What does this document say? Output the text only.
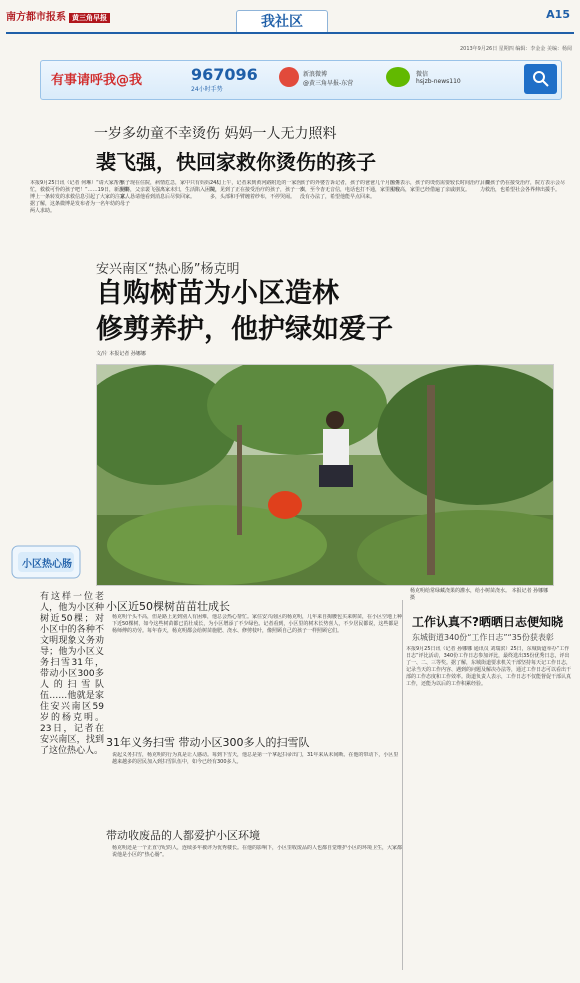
南方都市报系 黄三角早报	我社区	A15
2013年9月26日 星期四 编辑：李金金 美编：杨阅
有事请呼我@我	967096
24小时手势
新浪微博
@黄三角早报-东营
微信
hsjzb-news110
一岁多幼童不幸烫伤 妈妈一人无力照料
裴飞强，快回家救你烫伤的孩子
本报9月25日讯（记者 何琳）“请大家帮帮忙，救救可怜的孩子吧！”……19日，新浪微博上一条转发的求救信息引起了大家的注意。据了解，这条微博是发布者为一名年幼的母子两人求助。
孩子现在住院，病情危急，家中只有妈妈一人照料，父亲裴飞强离家未归，生活陷入困境，家人恳请他看到消息后尽快回家。
24日上午，记者来到黄河路附近的一家医院，见到了正在接受治疗的孩子，孩子一岁多，头部和手臂缠着纱布，不停哭闹。
孩子的外婆告诉记者，孩子的爸爸几个月前外出，至今杳无音信，电话也打不通，家里实在没有办法了，希望他能早点回来。
医生表示，孩子的烫伤需要较长时间治疗，费用较高，家里已经借遍了亲戚朋友。
目前孩子仍在接受治疗，院方表示会尽力救治，也希望社会各界伸出援手。
安兴南区“热心肠”杨克明
自购树苗为小区造林
修剪养护，他护绿如爱子
文/片 本报记者 孙娜娜
杨克明给常绿藏浇果的灌水，给小树苗浇水。 本报记者 孙娜娜 摄
小区热心肠
有这样一位老人，他为小区种树近50棵；对小区中的各种不文明现象义务劝导；他为小区义务扫雪31年，带动小区300多人的扫雪队伍……他就是家住安兴南区59岁的杨克明。23日，记者在安兴南区，找到了这位热心人。
小区近50棵树苗苗壮成长
杨克明个头不高，但是路上见到别人有困难，他总会热心帮忙。家住安兴南区的杨克明，几年来自掏腰包买来树苗，在小区空地上种下近50棵树，如今这些树苗都已茁壮成长，为小区增添了不少绿色。记者看到，小区里的树木长势喜人，不少居民都说，这些都是杨师傅的功劳。每年春天，杨克明都会给树苗施肥、浇水、修剪枝叶，像照顾自己的孩子一样照顾它们。
31年义务扫雪 带动小区300多人的扫雪队
说起义务扫雪，杨克明的行为真是让人感动。每到下雪天，他总是第一个拿起扫帚出门，31年来从未间断。在他的带动下，小区里越来越多的居民加入到扫雪队伍中，如今已经有300多人。
带动收废品的人都爱护小区环境
杨克明还是一个正直守纪的人，连续多年被评为优秀楼长。在他的影响下，小区里收废品的人也都自觉维护小区的环境卫生，大家都说他是小区的“热心肠”。
工作认真不?晒晒日志便知晓
东城街道340份“工作日志”“35份获表彰
本报9月25日讯（记者 孙娜娜 通讯员 刘瑞滨）25日，东城街道举办“工作日志”评比活动，340份工作日志参加评比，最终选出35份优秀日志，评出了一、二、三等奖。据了解，东城街道要求机关干部坚持每天记工作日志，记录当天的工作内容、遇到的问题及解决办法等，通过工作日志可以看出干部的工作态度和工作效率。街道负责人表示，工作日志不仅能督促干部认真工作，还能为以后的工作积累经验。
